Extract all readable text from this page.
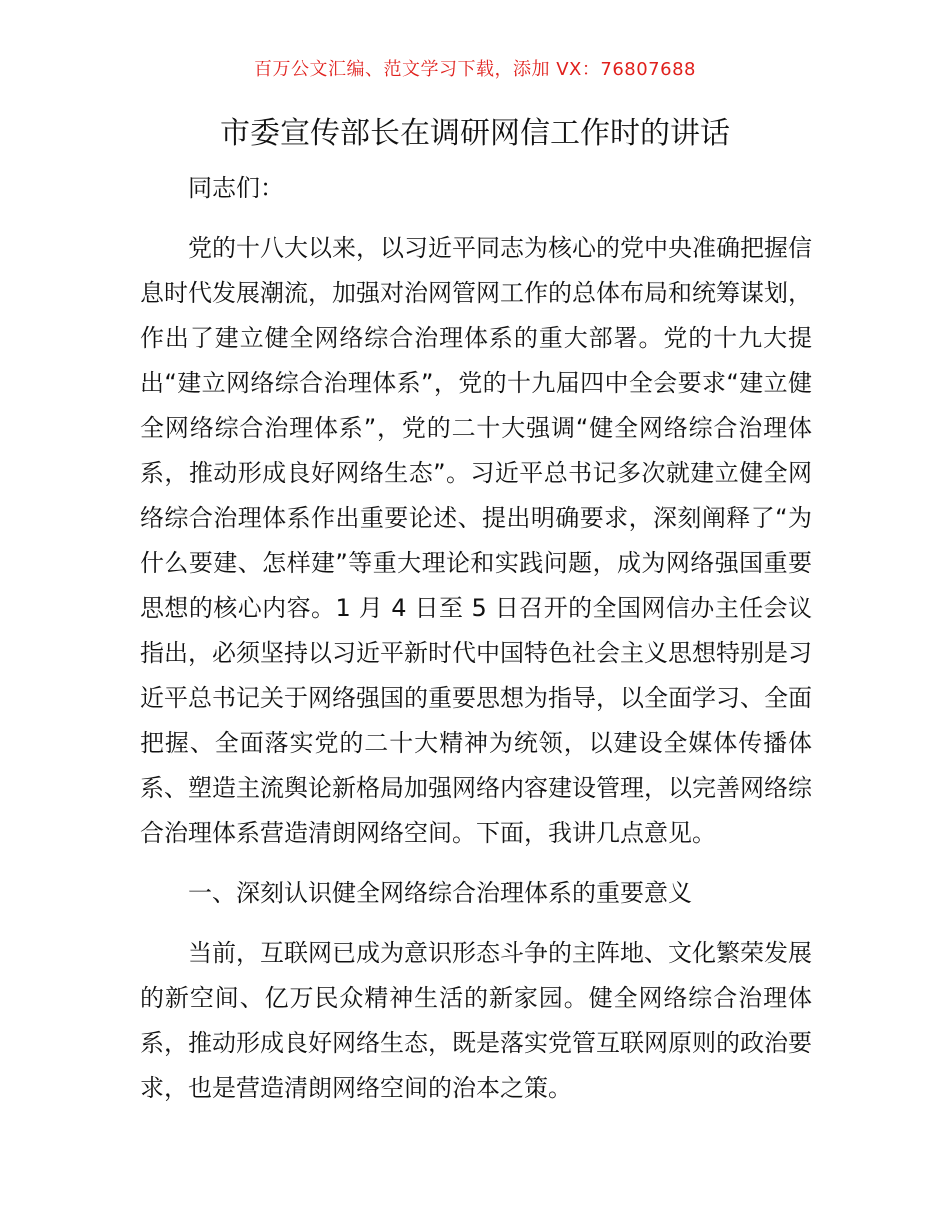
百万公文汇编、范文学习下载，添加 VX：76807688
市委宣传部长在调研网信工作时的讲话

同志们：

党的十八大以来，以习近平同志为核心的党中央准确把握信息时代发展潮流，加强对治网管网工作的总体布局和统筹谋划，作出了建立健全网络综合治理体系的重大部署。党的十九大提出“建立网络综合治理体系”，党的十九届四中全会要求“建立健全网络综合治理体系”，党的二十大强调“健全网络综合治理体系，推动形成良好网络生态”。习近平总书记多次就建立健全网络综合治理体系作出重要论述、提出明确要求，深刻阐释了“为什么要建、怎样建”等重大理论和实践问题，成为网络强国重要思想的核心内容。1 月 4 日至 5 日召开的全国网信办主任会议指出，必须坚持以习近平新时代中国特色社会主义思想特别是习近平总书记关于网络强国的重要思想为指导，以全面学习、全面把握、全面落实党的二十大精神为统领，以建设全媒体传播体系、塑造主流舆论新格局加强网络内容建设管理，以完善网络综合治理体系营造清朗网络空间。下面，我讲几点意见。

一、深刻认识健全网络综合治理体系的重要意义

当前，互联网已成为意识形态斗争的主阵地、文化繁荣发展的新空间、亿万民众精神生活的新家园。健全网络综合治理体系，推动形成良好网络生态，既是落实党管互联网原则的政治要求，也是营造清朗网络空间的治本之策。
